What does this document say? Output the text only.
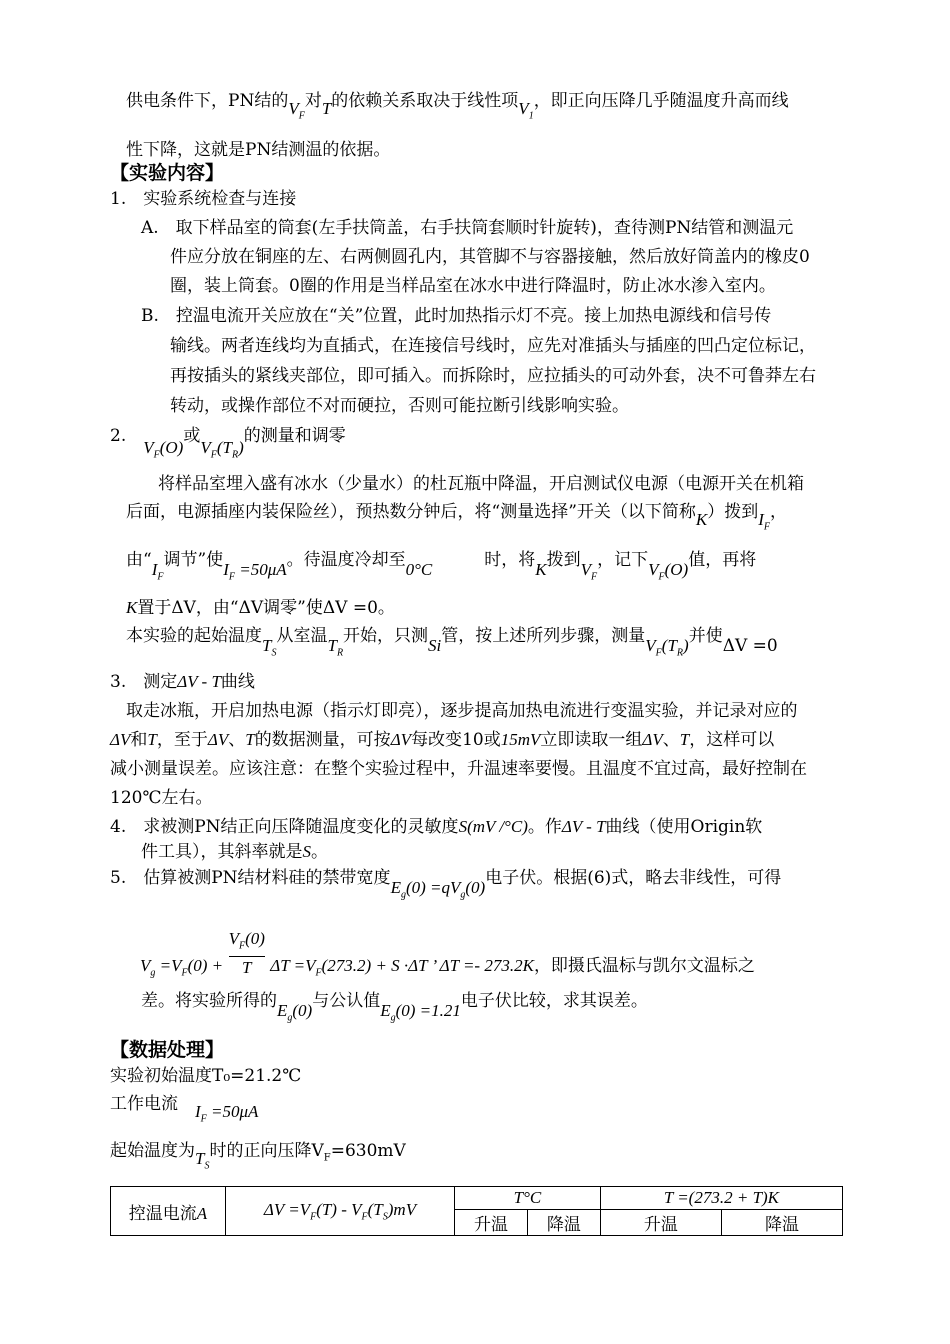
供电条件下，PN结的$V_F$对T的依赖关系取决于线性项$V_1$，即正向压降几乎随温度升高而线
性下降，这就是PN结测温的依据。
【实验内容】
1.　 实验系统检查与连接
A.　取下样品室的筒套(左手扶筒盖，右手扶筒套顺时针旋转)，查待测PN结管和测温元
件应分放在铜座的左、右两侧圆孔内，其管脚不与容器接触，然后放好筒盖内的橡皮0
圈，装上筒套。0圈的作用是当样品室在冰水中进行降温时，防止冰水渗入室内。
B.　控温电流开关应放在“关”位置，此时加热指示灯不亮。接上加热电源线和信号传
输线。两者连线均为直插式，在连接信号线时，应先对准插头与插座的凹凸定位标记，
再按插头的紧线夹部位，即可插入。而拆除时，应拉插头的可动外套，决不可鲁莽左右
转动，或操作部位不对而硬拉，否则可能拉断引线影响实验。
2.　$V_F(O)$或$V_F(T_R)$的测量和调零
将样品室埋入盛有冰水（少量水）的杜瓦瓶中降温，开启测试仪电源（电源开关在机箱
后面，电源插座内装保险丝），预热数分钟后，将“测量选择”开关（以下简称K）拨到$I_F$，
由“$I_F$调节”使$I_F =50\mu A$。待温度冷却至0°C	时，将K拨到$V_F$，记下$V_F(O)$值，再将
K置于ΔV，由“ΔV调零”使ΔV =0。
本实验的起始温度$T_S$从室温$T_R$开始，只测Si管，按上述所列步骤，测量$V_F(T_R)$并使ΔV =0
3.　 测定ΔV - T曲线
取走冰瓶，开启加热电源（指示灯即亮），逐步提高加热电流进行变温实验，并记录对应的
ΔV和T，至于ΔV、T的数据测量，可按ΔV每改变10或15mV立即读取一组ΔV、T，这样可以
减小测量误差。应该注意：在整个实验过程中，升温速率要慢。且温度不宜过高，最好控制在
120℃左右。
4.　 求被测PN结正向压降随温度变化的灵敏度S(mV /°C)。作ΔV - T曲线（使用Origin软
件工具），其斜率就是S。
5.　 估算被测PN结材料硅的禁带宽度$E_g(0) =qV_g(0)$电子伏。根据(6)式，略去非线性，可得
$V_g =V_F(0) + \frac{V_F(0)}{T}$ $\Delta T =V_F(273.2) + S \cdot\Delta T$ ’ ΔT =- 273.2K，即摄氏温标与凯尔文温标之
差。将实验所得的$E_g(0)$与公认值$E_g(0) =1.21$电子伏比较，求其误差。
【数据处理】
实验初始温度T₀=21.2℃
工作电流　 $I_F =50\mu A$
起始温度为$T_S$时的正向压降$V_F=630mV$
控温电流A	$\Delta V =V_F(T) - V_F(T_S)mV$	T°C		T =(273.2 + T)K	
		升温	降温	升温	降温
